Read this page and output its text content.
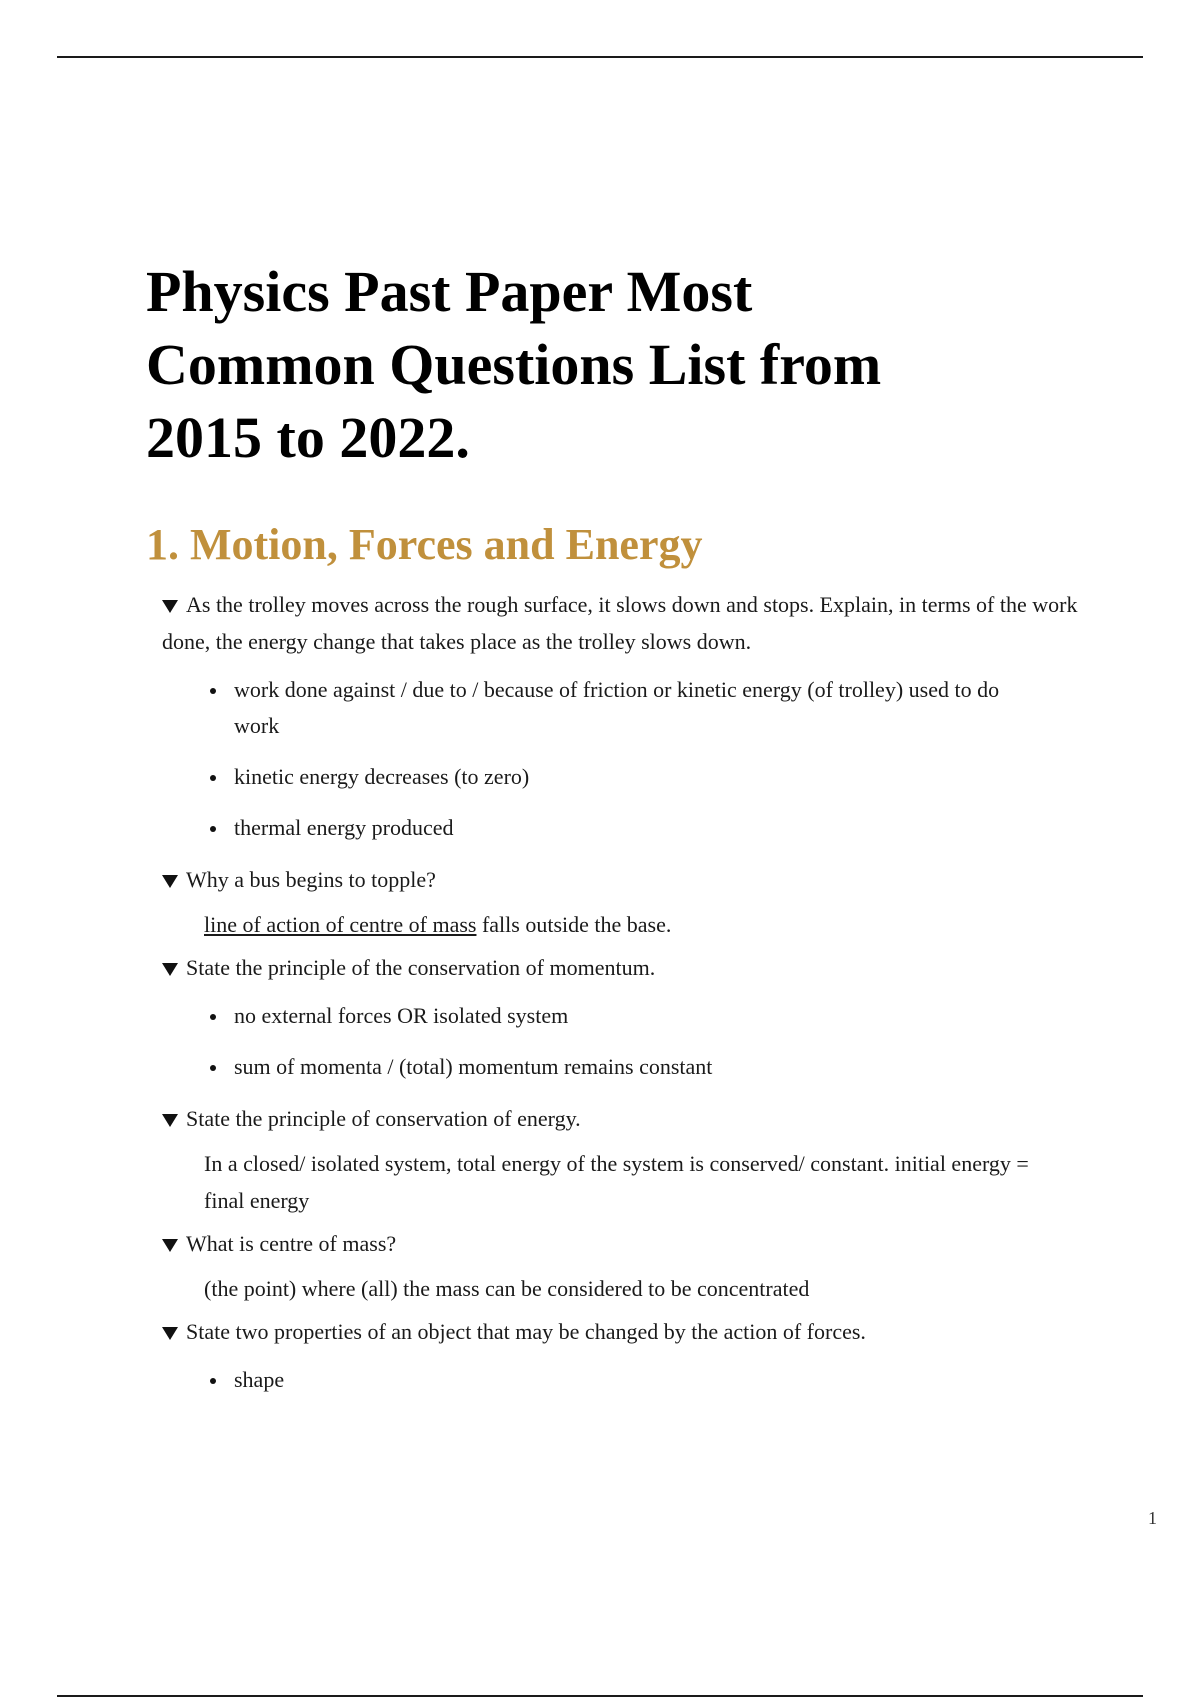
Physics Past Paper Most Common Questions List from 2015 to 2022.
1. Motion, Forces and Energy

As the trolley moves across the rough surface, it slows down and stops. Explain, in terms of the work done, the energy change that takes place as the trolley slows down.

work done against / due to / because of friction or kinetic energy (of trolley) used to do work
kinetic energy decreases (to zero)
thermal energy produced

Why a bus begins to topple?

line of action of centre of mass falls outside the base.

State the principle of the conservation of momentum.

no external forces OR isolated system
sum of momenta / (total) momentum remains constant

State the principle of conservation of energy.

In a closed/ isolated system, total energy of the system is conserved/ constant. initial energy = final energy

What is centre of mass?

(the point) where (all) the mass can be considered to be concentrated

State two properties of an object that may be changed by the action of forces.

shape
1
